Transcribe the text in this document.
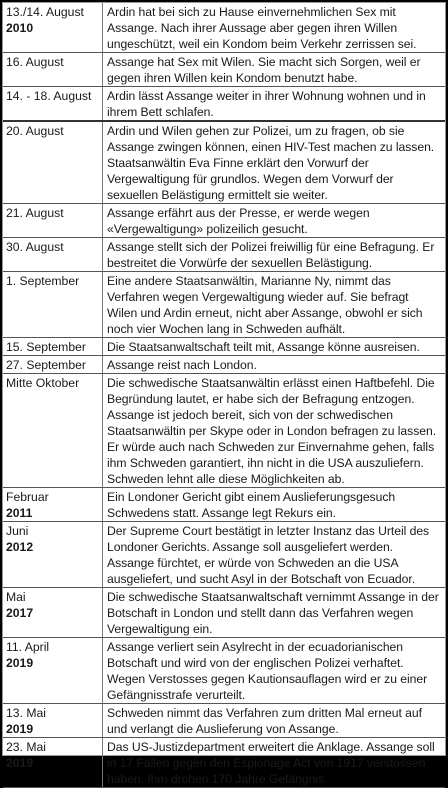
13./14. August
2010	Ardin hat bei sich zu Hause einvernehmlichen Sex mit Assange. Nach ihrer Aussage aber gegen ihren Willen ungeschützt, weil ein Kondom beim Verkehr zerrissen sei.
16. August	Assange hat Sex mit Wilen. Sie macht sich Sorgen, weil er gegen ihren Willen kein Kondom benutzt habe.
14. - 18. August	Ardin lässt Assange weiter in ihrer Wohnung wohnen und in ihrem Bett schlafen.
20. August	Ardin und Wilen gehen zur Polizei, um zu fragen, ob sie Assange zwingen können, einen HIV-Test machen zu lassen. Staatsanwältin Eva Finne erklärt den Vorwurf der Vergewaltigung für grundlos. Wegen dem Vorwurf der sexuellen Belästigung ermittelt sie weiter.
21. August	Assange erfährt aus der Presse, er werde wegen «Vergewaltigung» polizeilich gesucht.
30. August	Assange stellt sich der Polizei freiwillig für eine Befragung. Er bestreitet die Vorwürfe der sexuellen Belästigung.
1. September	Eine andere Staatsanwältin, Marianne Ny, nimmt das Verfahren wegen Vergewaltigung wieder auf. Sie befragt Wilen und Ardin erneut, nicht aber Assange, obwohl er sich noch vier Wochen lang in Schweden aufhält.
15. September	Die Staatsanwaltschaft teilt mit, Assange könne ausreisen.
27. September	Assange reist nach London.
Mitte Oktober	Die schwedische Staatsanwältin erlässt einen Haftbefehl. Die Begründung lautet, er habe sich der Befragung entzogen. Assange ist jedoch bereit, sich von der schwedischen Staatsanwältin per Skype oder in London befragen zu lassen. Er würde auch nach Schweden zur Einvernahme gehen, falls ihm Schweden garantiert, ihn nicht in die USA auszuliefern. Schweden lehnt alle diese Möglichkeiten ab.
Februar
2011	Ein Londoner Gericht gibt einem Auslieferungsgesuch Schwedens statt. Assange legt Rekurs ein.
Juni
2012	Der Supreme Court bestätigt in letzter Instanz das Urteil des Londoner Gerichts. Assange soll ausgeliefert werden. Assange fürchtet, er würde von Schweden an die USA ausgeliefert, und sucht Asyl in der Botschaft von Ecuador.
Mai
2017	Die schwedische Staatsanwaltschaft vernimmt Assange in der Botschaft in London und stellt dann das Verfahren wegen Vergewaltigung ein.
11. April
2019	Assange verliert sein Asylrecht in der ecuadorianischen Botschaft und wird von der englischen Polizei verhaftet. Wegen Verstosses gegen Kautionsauflagen wird er zu einer Gefängnisstrafe verurteilt.
13. Mai
2019	Schweden nimmt das Verfahren zum dritten Mal erneut auf und verlangt die Auslieferung von Assange.
23. Mai
2019	Das US-Justizdepartment erweitert die Anklage. Assange soll in 17 Fällen gegen den Espionage Act von 1917 verstossen haben. Ihm drohen 170 Jahre Gefängnis.
